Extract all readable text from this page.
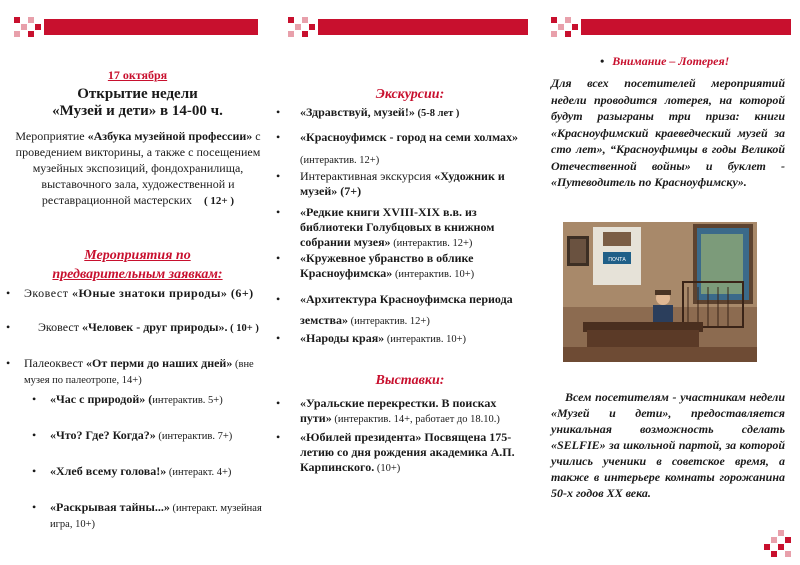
17 октября
Открытие недели
«Музей и дети» в 14-00 ч.
Мероприятие «Азбука музейной профессии» с проведением викторины, а также с посещением музейных экспозиций, фондохранилища, выставочного зала, художественной и реставрационной мастерских ( 12+ )
Мероприятия по
предварительным заявкам:
• Эковест «Юные знатоки природы» (6+)
• Эковест «Человек - друг природы». ( 10+ )
• Палеоквест «От перми до наших дней» (вне музея по палеотропе, 14+)
• «Час с природой» (интерактив. 5+)
• «Что? Где? Когда?» (интерактив. 7+)
• «Хлеб всему голова!» (интеракт. 4+)
• «Раскрывая тайны...» (интеракт. музейная игра, 10+)
Экскурсии:
• «Здравствуй, музей!» (5-8 лет )
• «Красноуфимск - город на семи холмах» (интерактив. 12+)
• Интерактивная экскурсия «Художник и музей» (7+)
• «Редкие книги XVIII-XIX в.в. из библиотеки Голубцовых в книжном собрании музея» (интерактив. 12+)
• «Кружевное убранство в облике Красноуфимска» (интерактив. 10+)
• «Архитектура Красноуфимска периода земства» (интерактив. 12+)
• «Народы края» (интерактив. 10+)
Выставки:
• «Уральские перекрестки. В поисках пути» (интерактив. 14+, работает до 18.10.)
• «Юбилей президента» Посвящена 175-летию со дня рождения академика А.П. Карпинского. (10+)
• Внимание – Лотерея!
Для всех посетителей мероприятий недели проводится лотерея, на которой будут разыграны три приза: книги «Красноуфимский краеведческий музей за сто лет», “Красноуфимцы в годы Великой Отечественной войны» и буклет - «Путеводитель по Красноуфимску».
ПОЧТА
Всем посетителям - участникам недели «Музей и дети», предоставляется уникальная возможность сделать «SELFIE» за школьной партой, за которой учились ученики в советское время, а также в интерьере комнаты горожанина 50-х годов XX века.
